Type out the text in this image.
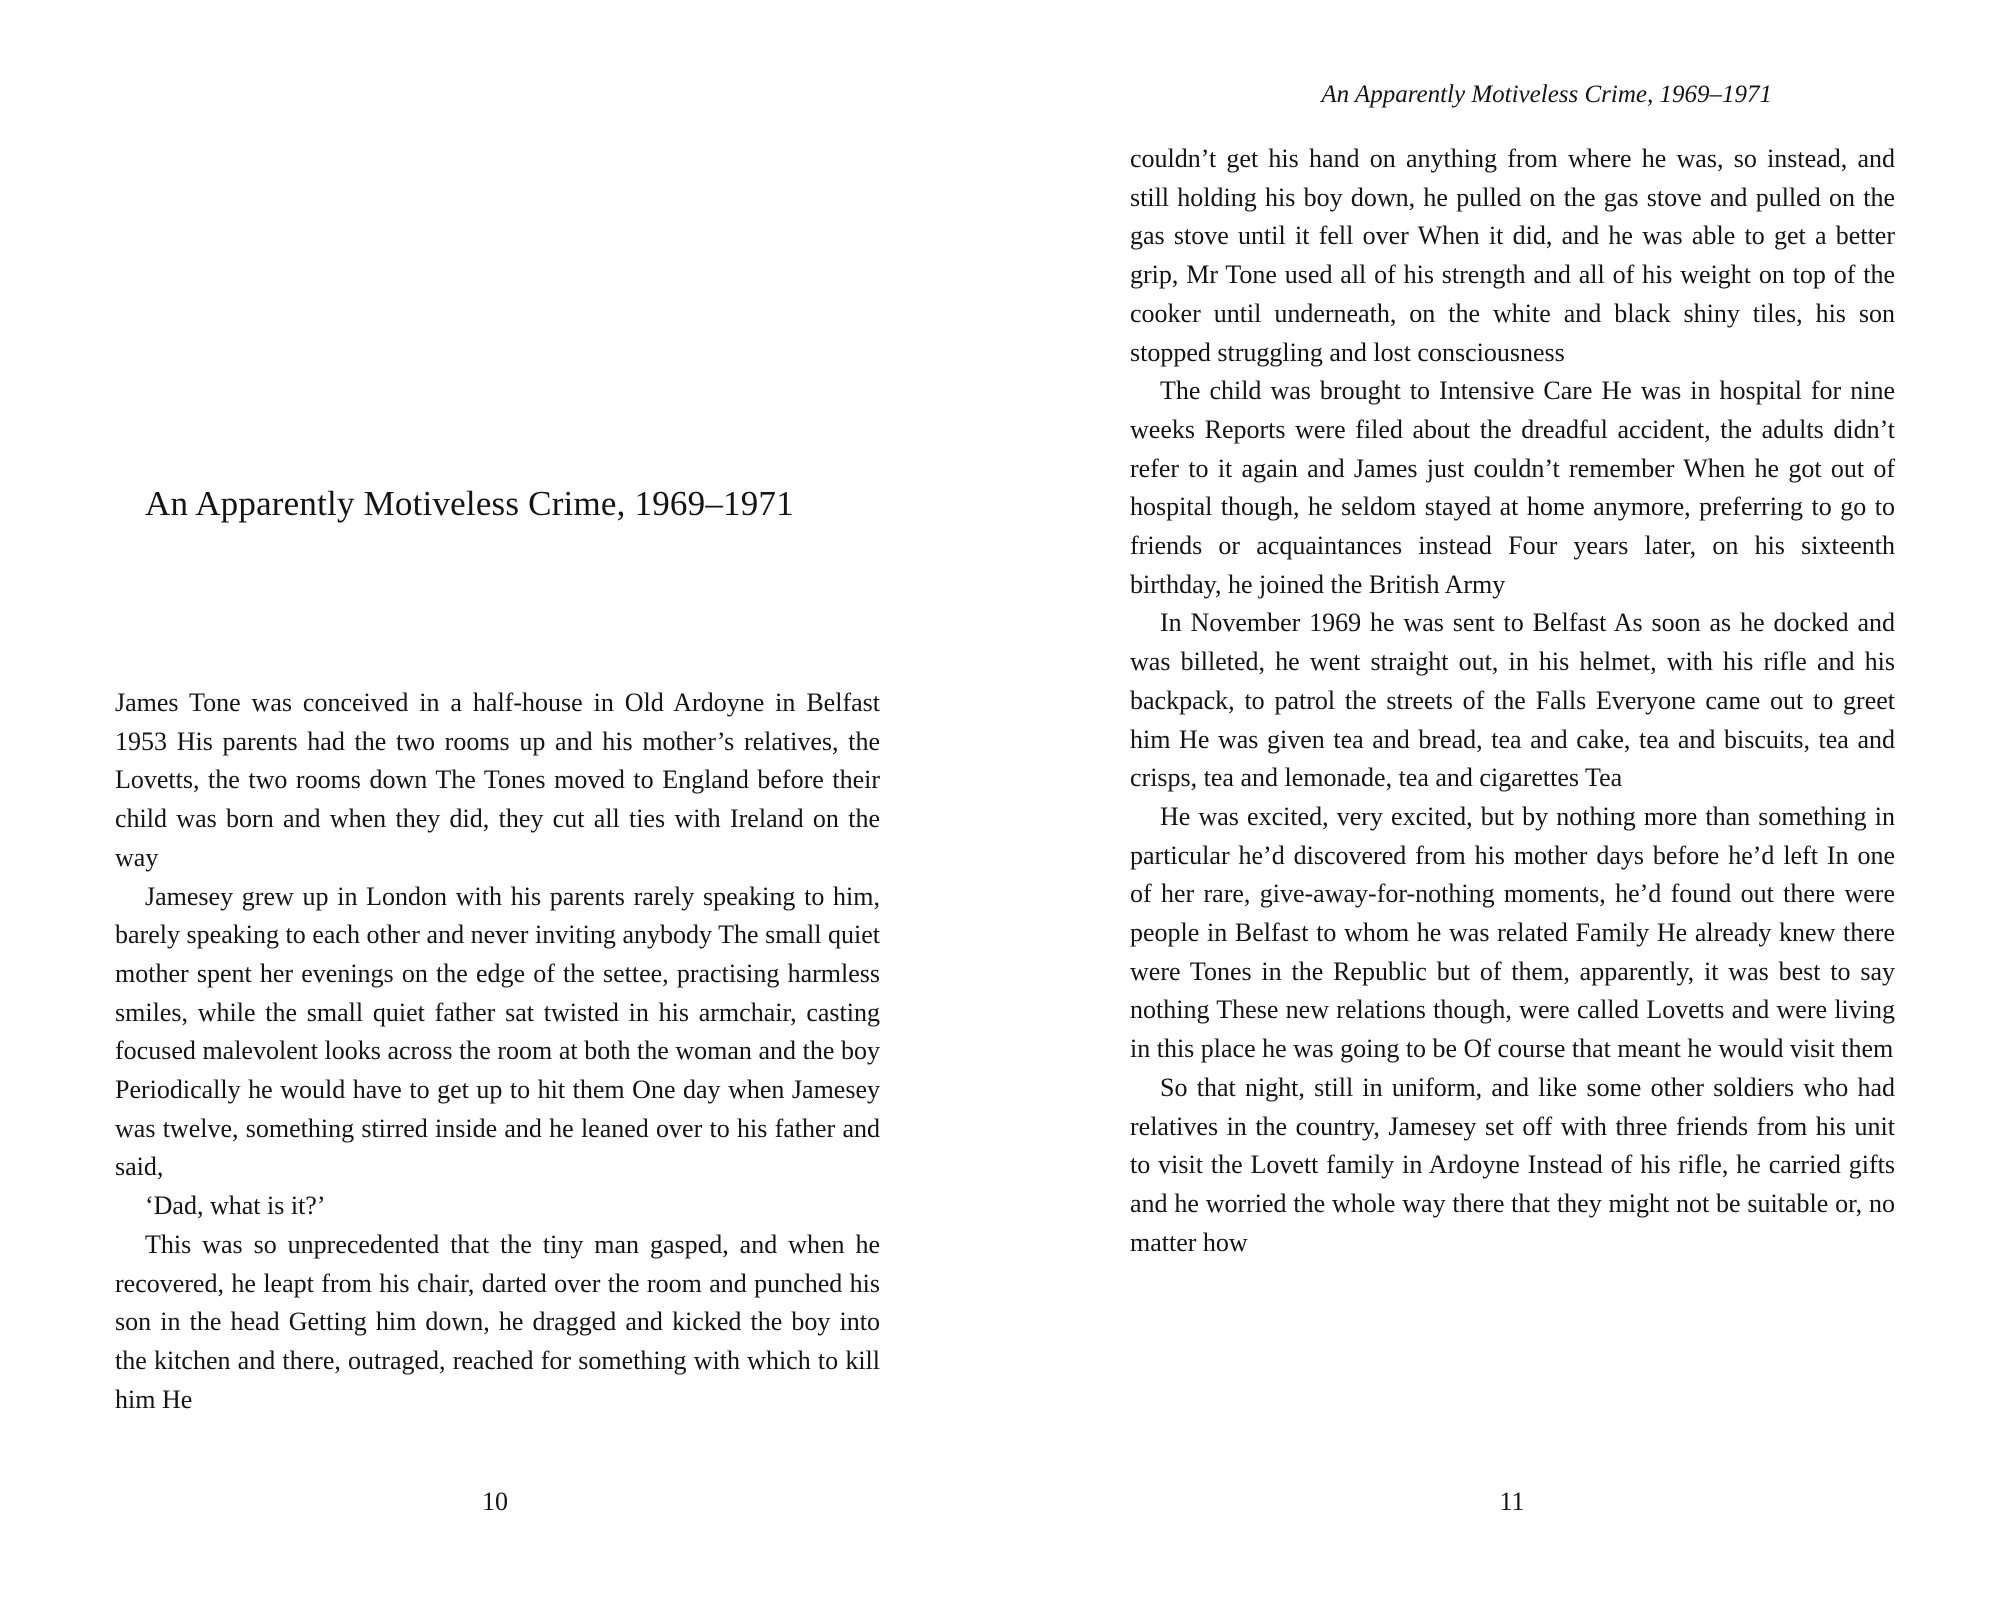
An Apparently Motiveless Crime, 1969–1971

James Tone was conceived in a half-house in Old Ardoyne in Belfast 1953 His parents had the two rooms up and his mother’s relatives, the Lovetts, the two rooms down The Tones moved to England before their child was born and when they did, they cut all ties with Ireland on the way

Jamesey grew up in London with his parents rarely speaking to him, barely speaking to each other and never inviting anybody The small quiet mother spent her evenings on the edge of the settee, practising harmless smiles, while the small quiet father sat twisted in his armchair, casting focused malevolent looks across the room at both the woman and the boy Periodically he would have to get up to hit them One day when Jamesey was twelve, something stirred inside and he leaned over to his father and said,

‘Dad, what is it?’

This was so unprecedented that the tiny man gasped, and when he recovered, he leapt from his chair, darted over the room and punched his son in the head Getting him down, he dragged and kicked the boy into the kitchen and there, outraged, reached for something with which to kill him He

10
An Apparently Motiveless Crime, 1969–1971

couldn’t get his hand on anything from where he was, so instead, and still holding his boy down, he pulled on the gas stove and pulled on the gas stove until it fell over When it did, and he was able to get a better grip, Mr Tone used all of his strength and all of his weight on top of the cooker until underneath, on the white and black shiny tiles, his son stopped struggling and lost consciousness

The child was brought to Intensive Care He was in hospital for nine weeks Reports were filed about the dreadful accident, the adults didn’t refer to it again and James just couldn’t remember When he got out of hospital though, he seldom stayed at home anymore, preferring to go to friends or acquaintances instead Four years later, on his sixteenth birthday, he joined the British Army

In November 1969 he was sent to Belfast As soon as he docked and was billeted, he went straight out, in his helmet, with his rifle and his backpack, to patrol the streets of the Falls Everyone came out to greet him He was given tea and bread, tea and cake, tea and biscuits, tea and crisps, tea and lemonade, tea and cigarettes Tea

He was excited, very excited, but by nothing more than something in particular he’d discovered from his mother days before he’d left In one of her rare, give-away-for-nothing moments, he’d found out there were people in Belfast to whom he was related Family He already knew there were Tones in the Republic but of them, apparently, it was best to say nothing These new relations though, were called Lovetts and were living in this place he was going to be Of course that meant he would visit them

So that night, still in uniform, and like some other soldiers who had relatives in the country, Jamesey set off with three friends from his unit to visit the Lovett family in Ardoyne Instead of his rifle, he carried gifts and he worried the whole way there that they might not be suitable or, no matter how

11
